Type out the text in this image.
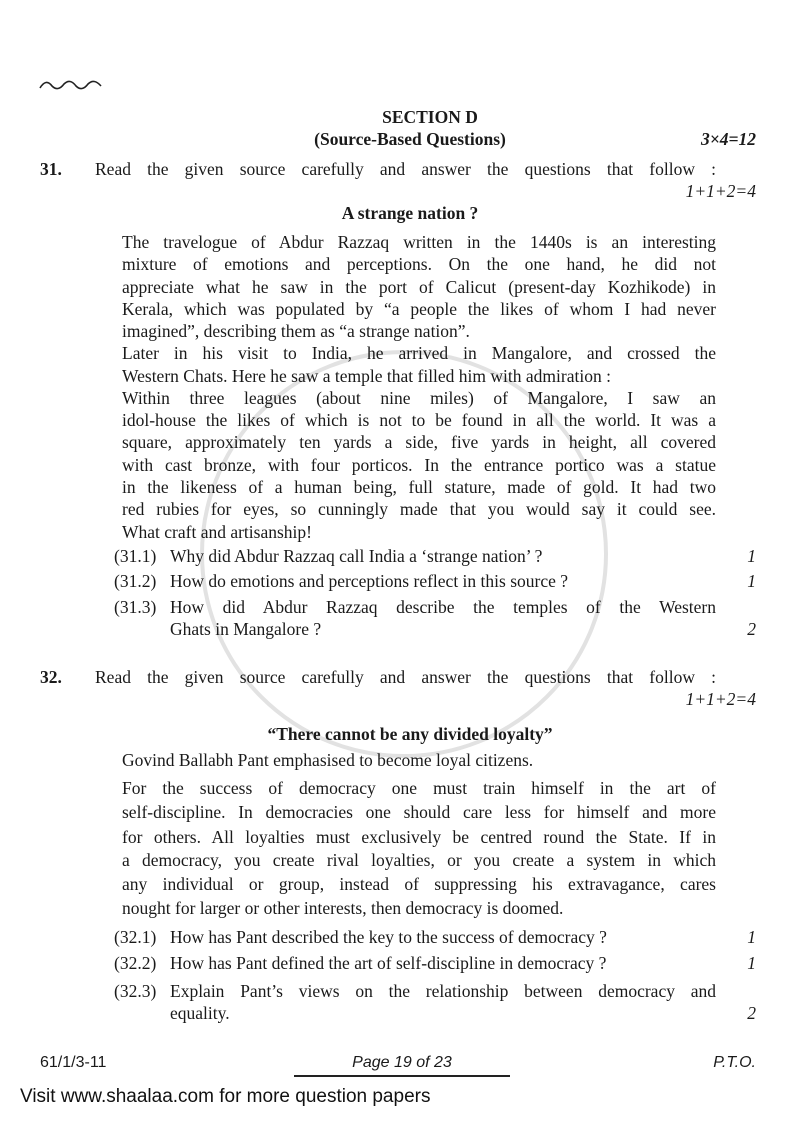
SECTION D
(Source-Based Questions)	3×4=12
31. Read the given source carefully and answer the questions that follow :
1+1+2=4
A strange nation ?
The travelogue of Abdur Razzaq written in the 1440s is an interesting
mixture of emotions and perceptions. On the one hand, he did not
appreciate what he saw in the port of Calicut (present-day Kozhikode) in
Kerala, which was populated by “a people the likes of whom I had never
imagined”, describing them as “a strange nation”.
Later in his visit to India, he arrived in Mangalore, and crossed the
Western Chats. Here he saw a temple that filled him with admiration :
Within three leagues (about nine miles) of Mangalore, I saw an
idol-house the likes of which is not to be found in all the world. It was a
square, approximately ten yards a side, five yards in height, all covered
with cast bronze, with four porticos. In the entrance portico was a statue
in the likeness of a human being, full stature, made of gold. It had two
red rubies for eyes, so cunningly made that you would say it could see.
What craft and artisanship!
(31.1) Why did Abdur Razzaq call India a ‘strange nation’ ?	1
(31.2) How do emotions and perceptions reflect in this source ?	1
(31.3) How did Abdur Razzaq describe the temples of the Western
Ghats in Mangalore ?	2
32. Read the given source carefully and answer the questions that follow :
1+1+2=4
“There cannot be any divided loyalty”
Govind Ballabh Pant emphasised to become loyal citizens.
For the success of democracy one must train himself in the art of
self-discipline. In democracies one should care less for himself and more
for others. All loyalties must exclusively be centred round the State. If in
a democracy, you create rival loyalties, or you create a system in which
any individual or group, instead of suppressing his extravagance, cares
nought for larger or other interests, then democracy is doomed.
(32.1) How has Pant described the key to the success of democracy ?	1
(32.2) How has Pant defined the art of self-discipline in democracy ?	1
(32.3) Explain Pant’s views on the relationship between democracy and
equality.	2
61/1/3-11	Page 19 of 23	P.T.O.
Visit www.shaalaa.com for more question papers
